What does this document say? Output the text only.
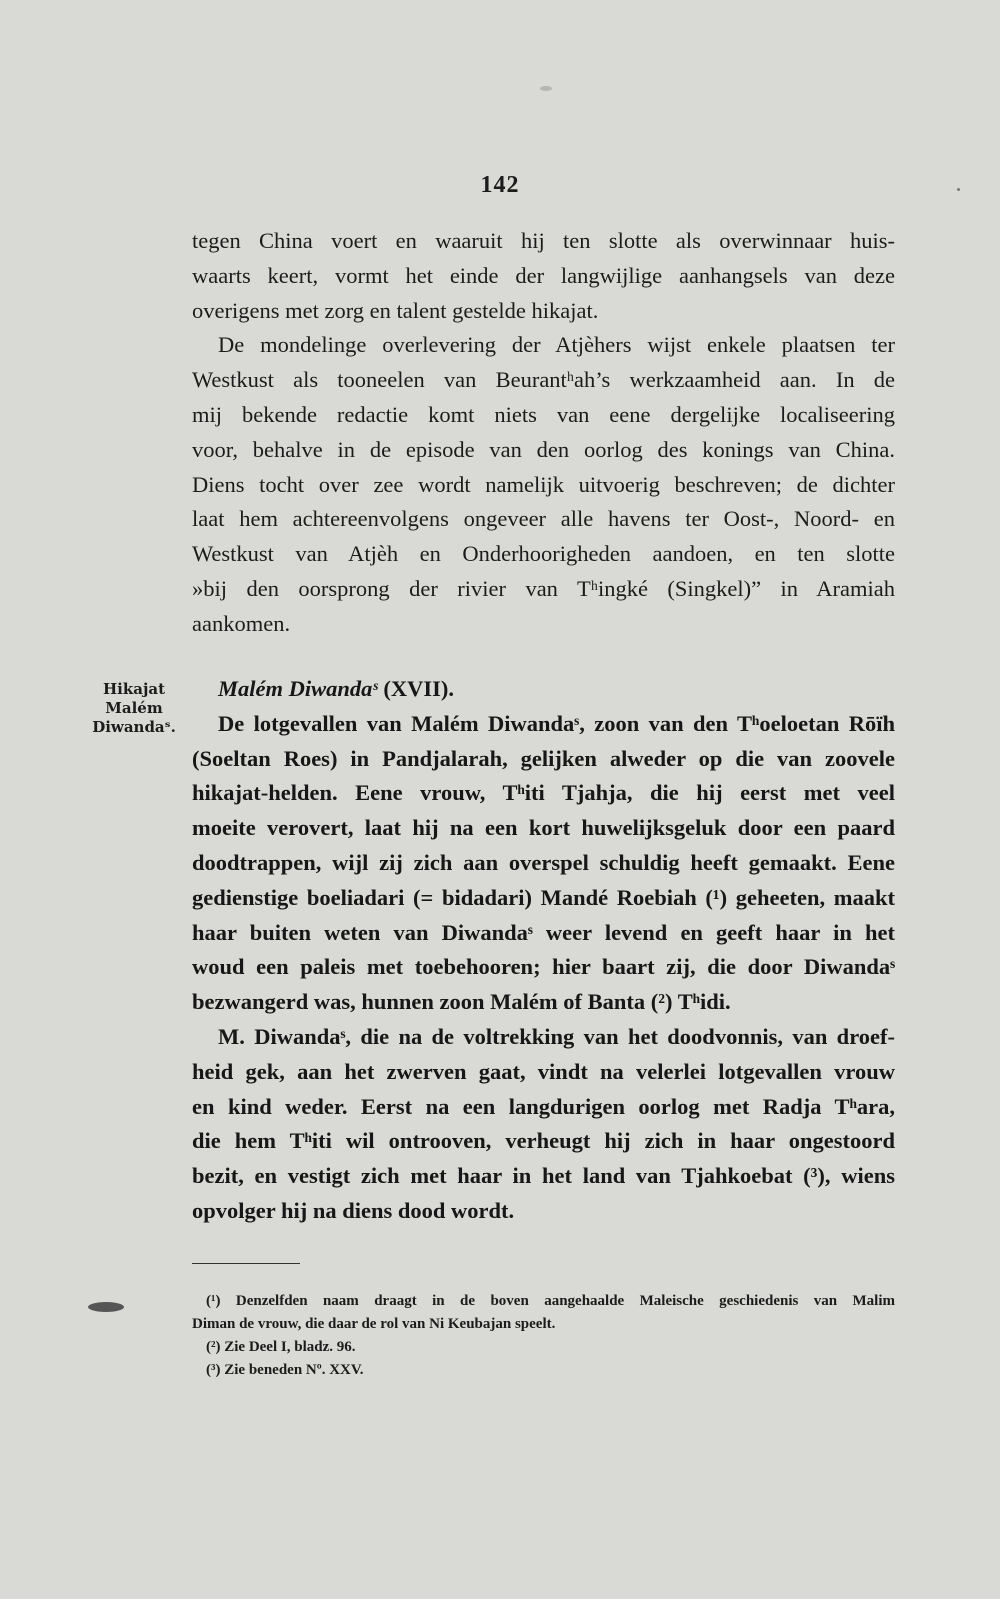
142
tegen China voert en waaruit hij ten slotte als overwinnaar huis-
waarts keert, vormt het einde der langwijlige aanhangsels van deze
overigens met zorg en talent gestelde hikajat.
De mondelinge overlevering der Atjèhers wijst enkele plaatsen ter
Westkust als tooneelen van Beurantʰah’s werkzaamheid aan. In de
mij bekende redactie komt niets van eene dergelijke localiseering
voor, behalve in de episode van den oorlog des konings van China.
Diens tocht over zee wordt namelijk uitvoerig beschreven; de dichter
laat hem achtereenvolgens ongeveer alle havens ter Oost-, Noord- en
Westkust van Atjèh en Onderhoorigheden aandoen, en ten slotte
»bij den oorsprong der rivier van Tʰingké (Singkel)” in Aramiah
aankomen.
Hikajat
Malém
Diwandaˢ.
Malém Diwandaˢ (XVII).
De lotgevallen van Malém Diwandaˢ, zoon van den Tʰoeloetan Rōïh
(Soeltan Roes) in Pandjalarah, gelijken alweder op die van zoovele
hikajat-helden. Eene vrouw, Tʰiti Tjahja, die hij eerst met veel
moeite verovert, laat hij na een kort huwelijksgeluk door een paard
doodtrappen, wijl zij zich aan overspel schuldig heeft gemaakt. Eene
gedienstige boeliadari (= bidadari) Mandé Roebiah (¹) geheeten, maakt
haar buiten weten van Diwandaˢ weer levend en geeft haar in het
woud een paleis met toebehooren; hier baart zij, die door Diwandaˢ
bezwangerd was, hunnen zoon Malém of Banta (²) Tʰidi.
M. Diwandaˢ, die na de voltrekking van het doodvonnis, van droef-
heid gek, aan het zwerven gaat, vindt na velerlei lotgevallen vrouw
en kind weder. Eerst na een langdurigen oorlog met Radja Tʰara,
die hem Tʰiti wil ontrooven, verheugt hij zich in haar ongestoord
bezit, en vestigt zich met haar in het land van Tjahkoebat (³), wiens
opvolger hij na diens dood wordt.
(¹) Denzelfden naam draagt in de boven aangehaalde Maleische geschiedenis van Malim
Diman de vrouw, die daar de rol van Ni Keubajan speelt.
(²) Zie Deel I, bladz. 96.
(³) Zie beneden Nº. XXV.
